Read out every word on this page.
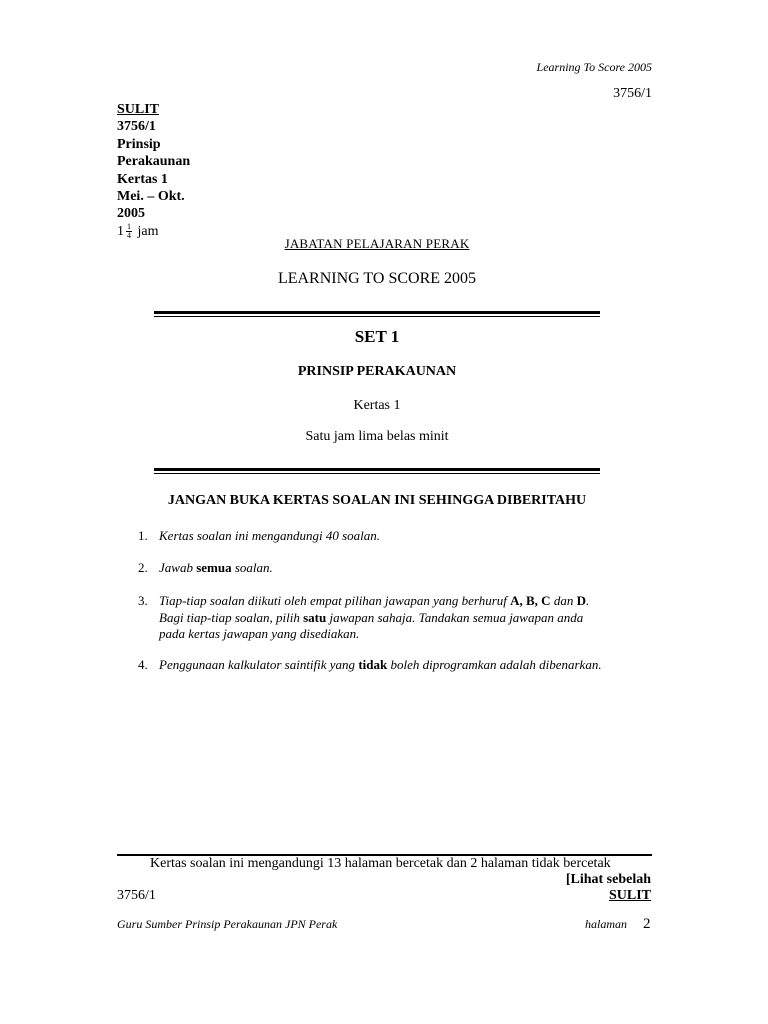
Learning To Score 2005
3756/1
SULIT
3756/1
Prinsip
Perakaunan
Kertas 1
Mei. – Okt.
2005
$1 \frac{1}{4}$ jam
JABATAN PELAJARAN PERAK
LEARNING TO SCORE 2005
SET 1
PRINSIP PERAKAUNAN
Kertas 1
Satu jam lima belas minit
JANGAN BUKA KERTAS SOALAN INI SEHINGGA DIBERITAHU
1. Kertas soalan ini mengandungi 40 soalan.
2. Jawab semua soalan.
3. Tiap-tiap soalan diikuti oleh empat pilihan jawapan yang berhuruf A, B, C dan D.
Bagi tiap-tiap soalan, pilih satu jawapan sahaja. Tandakan semua jawapan anda
pada kertas jawapan yang disediakan.
4. Penggunaan kalkulator saintifik yang tidak boleh diprogramkan adalah dibenarkan.
Kertas soalan ini mengandungi 13 halaman bercetak dan 2 halaman tidak bercetak
[Lihat sebelah
3756/1	SULIT
Guru Sumber Prinsip Perakaunan JPN Perak	halaman 2
